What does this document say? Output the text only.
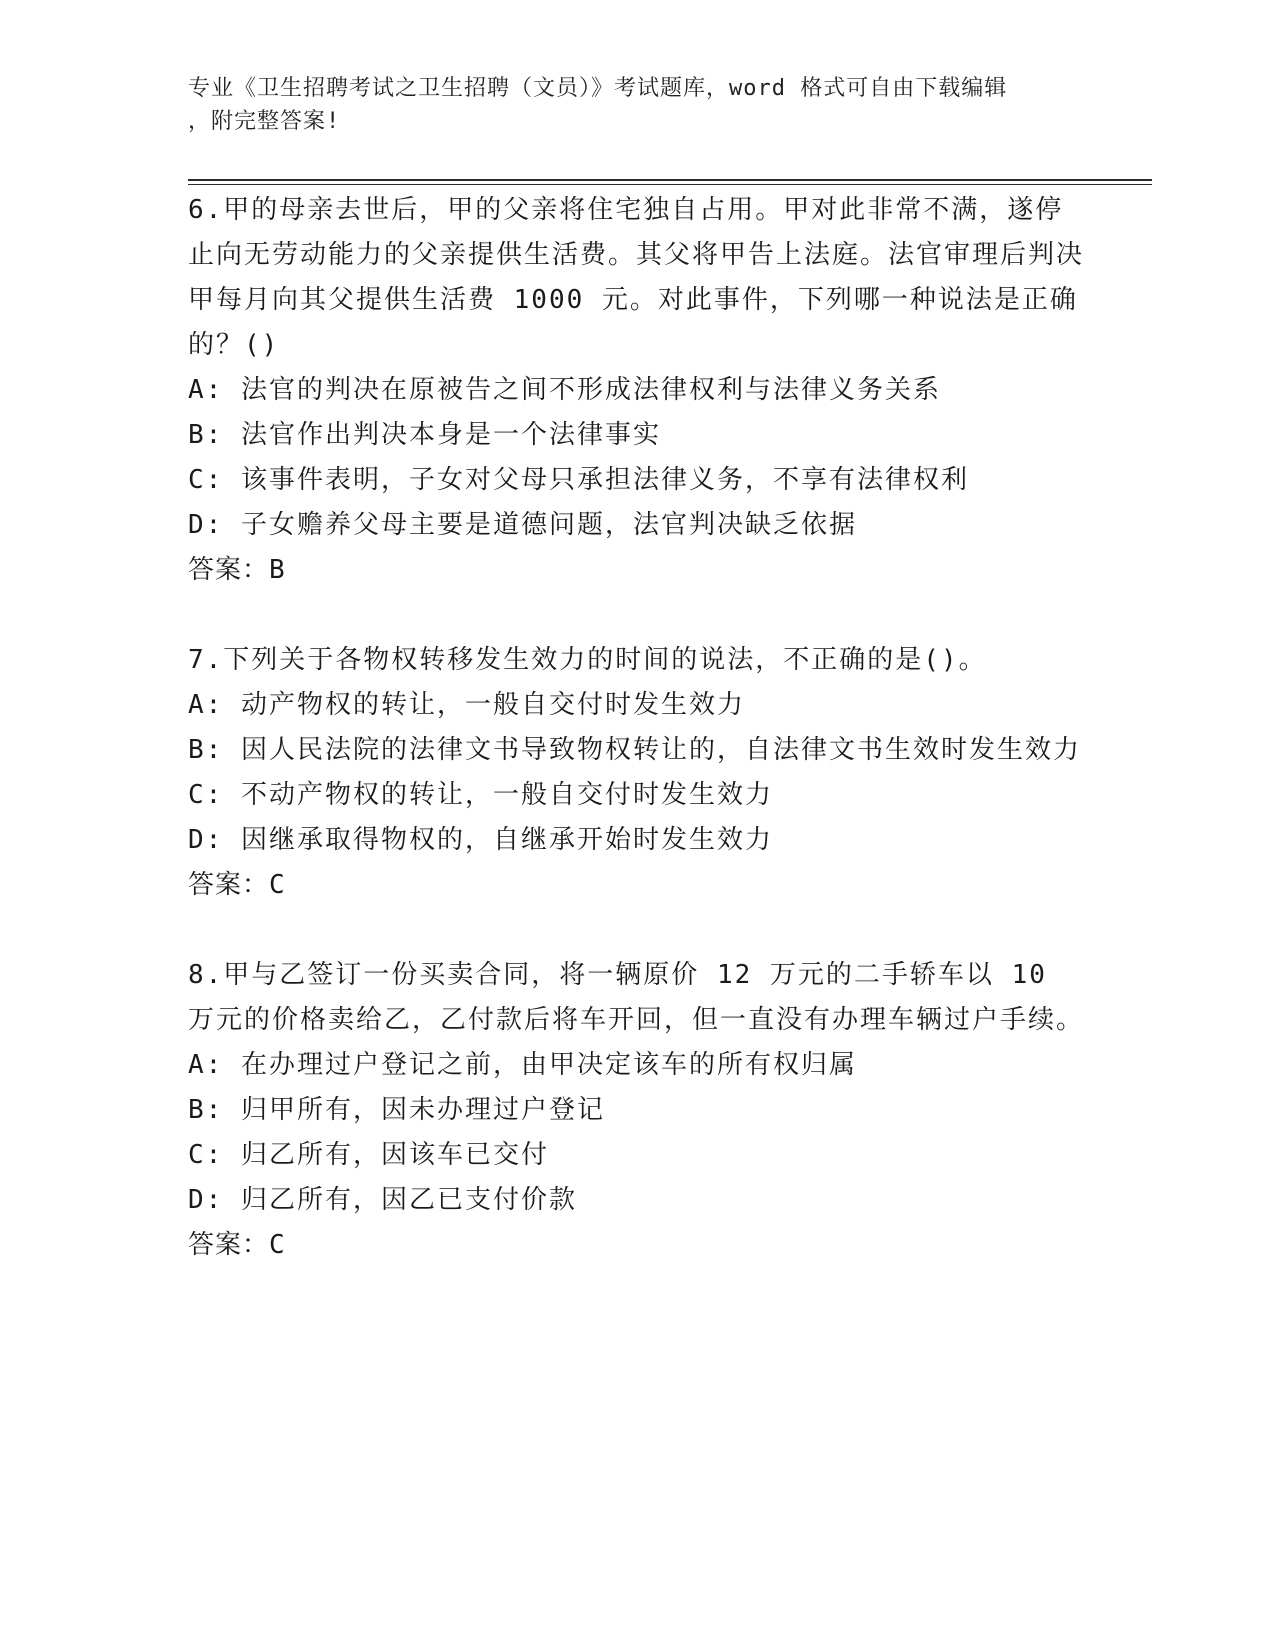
专业《卫生招聘考试之卫生招聘（文员）》考试题库，word 格式可自由下载编辑
，附完整答案!
6.甲的母亲去世后，甲的父亲将住宅独自占用。甲对此非常不满，遂停止向无劳动能力的父亲提供生活费。其父将甲告上法庭。法官审理后判决甲每月向其父提供生活费 1000 元。对此事件，下列哪一种说法是正确的？()
A: 法官的判决在原被告之间不形成法律权利与法律义务关系
B: 法官作出判决本身是一个法律事实
C: 该事件表明，子女对父母只承担法律义务，不享有法律权利
D: 子女赡养父母主要是道德问题，法官判决缺乏依据
答案：B
7.下列关于各物权转移发生效力的时间的说法，不正确的是()。
A: 动产物权的转让，一般自交付时发生效力
B: 因人民法院的法律文书导致物权转让的，自法律文书生效时发生效力
C: 不动产物权的转让，一般自交付时发生效力
D: 因继承取得物权的，自继承开始时发生效力
答案：C
8.甲与乙签订一份买卖合同，将一辆原价 12 万元的二手轿车以 10 万元的价格卖给乙，乙付款后将车开回，但一直没有办理车辆过户手续。
A: 在办理过户登记之前，由甲决定该车的所有权归属
B: 归甲所有，因未办理过户登记
C: 归乙所有，因该车已交付
D: 归乙所有，因乙已支付价款
答案：C
